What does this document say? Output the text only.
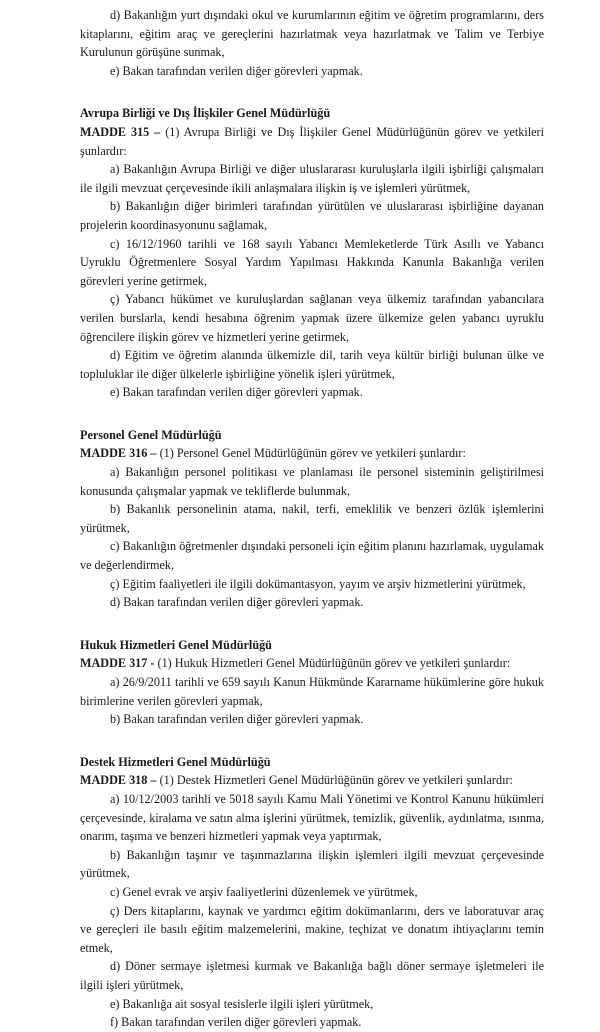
d) Bakanlığın yurt dışındaki okul ve kurumlarının eğitim ve öğretim programlarını, ders kitaplarını, eğitim araç ve gereçlerini hazırlatmak veya hazırlatmak ve Talim ve Terbiye Kurulunun görüşüne sunmak,

e) Bakan tarafından verilen diğer görevleri yapmak.

Avrupa Birliği ve Dış İlişkiler Genel Müdürlüğü

MADDE 315 – (1) Avrupa Birliği ve Dış İlişkiler Genel Müdürlüğünün görev ve yetkileri şunlardır:

a) Bakanlığın Avrupa Birliği ve diğer uluslararası kuruluşlarla ilgili işbirliği çalışmaları ile ilgili mevzuat çerçevesinde ikili anlaşmalara ilişkin iş ve işlemleri yürütmek,

b) Bakanlığın diğer birimleri tarafından yürütülen ve uluslararası işbirliğine dayanan projelerin koordinasyonunu sağlamak,

c) 16/12/1960 tarihli ve 168 sayılı Yabancı Memleketlerde Türk Asıllı ve Yabancı Uyruklu Öğretmenlere Sosyal Yardım Yapılması Hakkında Kanunla Bakanlığa verilen görevleri yerine getirmek,

ç) Yabancı hükümet ve kuruluşlardan sağlanan veya ülkemiz tarafından yabancılara verilen burslarla, kendi hesabına öğrenim yapmak üzere ülkemize gelen yabancı uyruklu öğrencilere ilişkin görev ve hizmetleri yerine getirmek,

d) Eğitim ve öğretim alanında ülkemizle dil, tarih veya kültür birliği bulunan ülke ve topluluklar ile diğer ülkelerle işbirliğine yönelik işleri yürütmek,

e) Bakan tarafından verilen diğer görevleri yapmak.

Personel Genel Müdürlüğü

MADDE 316 – (1) Personel Genel Müdürlüğünün görev ve yetkileri şunlardır:

a) Bakanlığın personel politikası ve planlaması ile personel sisteminin geliştirilmesi konusunda çalışmalar yapmak ve tekliflerde bulunmak,

b) Bakanlık personelinin atama, nakil, terfi, emeklilik ve benzeri özlük işlemlerini yürütmek,

c) Bakanlığın öğretmenler dışındaki personeli için eğitim planını hazırlamak, uygulamak ve değerlendirmek,

ç) Eğitim faaliyetleri ile ilgili dokümantasyon, yayım ve arşiv hizmetlerini yürütmek,

d) Bakan tarafından verilen diğer görevleri yapmak.

Hukuk Hizmetleri Genel Müdürlüğü

MADDE 317 - (1) Hukuk Hizmetleri Genel Müdürlüğünün görev ve yetkileri şunlardır:

a) 26/9/2011 tarihli ve 659 sayılı Kanun Hükmünde Kararname hükümlerine göre hukuk birimlerine verilen görevleri yapmak,

b) Bakan tarafından verilen diğer görevleri yapmak.

Destek Hizmetleri Genel Müdürlüğü

MADDE 318 – (1) Destek Hizmetleri Genel Müdürlüğünün görev ve yetkileri şunlardır:

a) 10/12/2003 tarihli ve 5018 sayılı Kamu Mali Yönetimi ve Kontrol Kanunu hükümleri çerçevesinde, kiralama ve satın alma işlerini yürütmek, temizlik, güvenlik, aydınlatma, ısınma, onarım, taşıma ve benzeri hizmetleri yapmak veya yaptırmak,

b) Bakanlığın taşınır ve taşınmazlarına ilişkin işlemleri ilgili mevzuat çerçevesinde yürütmek,

c) Genel evrak ve arşiv faaliyetlerini düzenlemek ve yürütmek,

ç) Ders kitaplarını, kaynak ve yardımcı eğitim dokümanlarını, ders ve laboratuvar araç ve gereçleri ile basılı eğitim malzemelerini, makine, teçhizat ve donatım ihtiyaçlarını temin etmek,

d) Döner sermaye işletmesi kurmak ve Bakanlığa bağlı döner sermaye işletmeleri ile ilgili işleri yürütmek,

e) Bakanlığa ait sosyal tesislerle ilgili işleri yürütmek,

f) Bakan tarafından verilen diğer görevleri yapmak.
